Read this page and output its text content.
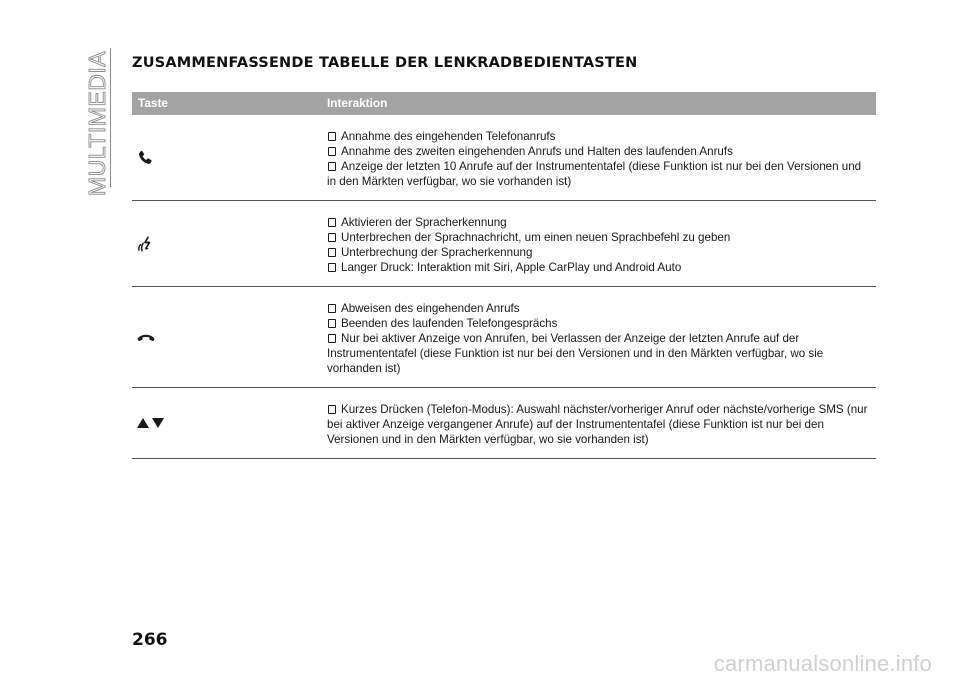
MULTIMEDIA ZUSAMMENFASSENDE TABELLE DER LENKRADBEDIENTASTEN
Taste	Interaktion

Annahme des eingehenden Telefonanrufs
Annahme des zweiten eingehenden Anrufs und Halten des laufenden Anrufs
Anzeige der letzten 10 Anrufe auf der Instrumententafel (diese Funktion ist nur bei den Versionen und in den Märkten verfügbar, wo sie vorhanden ist)

Aktivieren der Spracherkennung
Unterbrechen der Sprachnachricht, um einen neuen Sprachbefehl zu geben
Unterbrechung der Spracherkennung
Langer Druck: Interaktion mit Siri, Apple CarPlay und Android Auto

Abweisen des eingehenden Anrufs
Beenden des laufenden Telefongesprächs
Nur bei aktiver Anzeige von Anrufen, bei Verlassen der Anzeige der letzten Anrufe auf der Instrumententafel (diese Funktion ist nur bei den Versionen und in den Märkten verfügbar, wo sie vorhanden ist)

Kurzes Drücken (Telefon-Modus): Auswahl nächster/vorheriger Anruf oder nächste/vorherige SMS (nur bei aktiver Anzeige vergangener Anrufe) auf der Instrumententafel (diese Funktion ist nur bei den Versionen und in den Märkten verfügbar, wo sie vorhanden ist)
266
carmanualsonline.info
